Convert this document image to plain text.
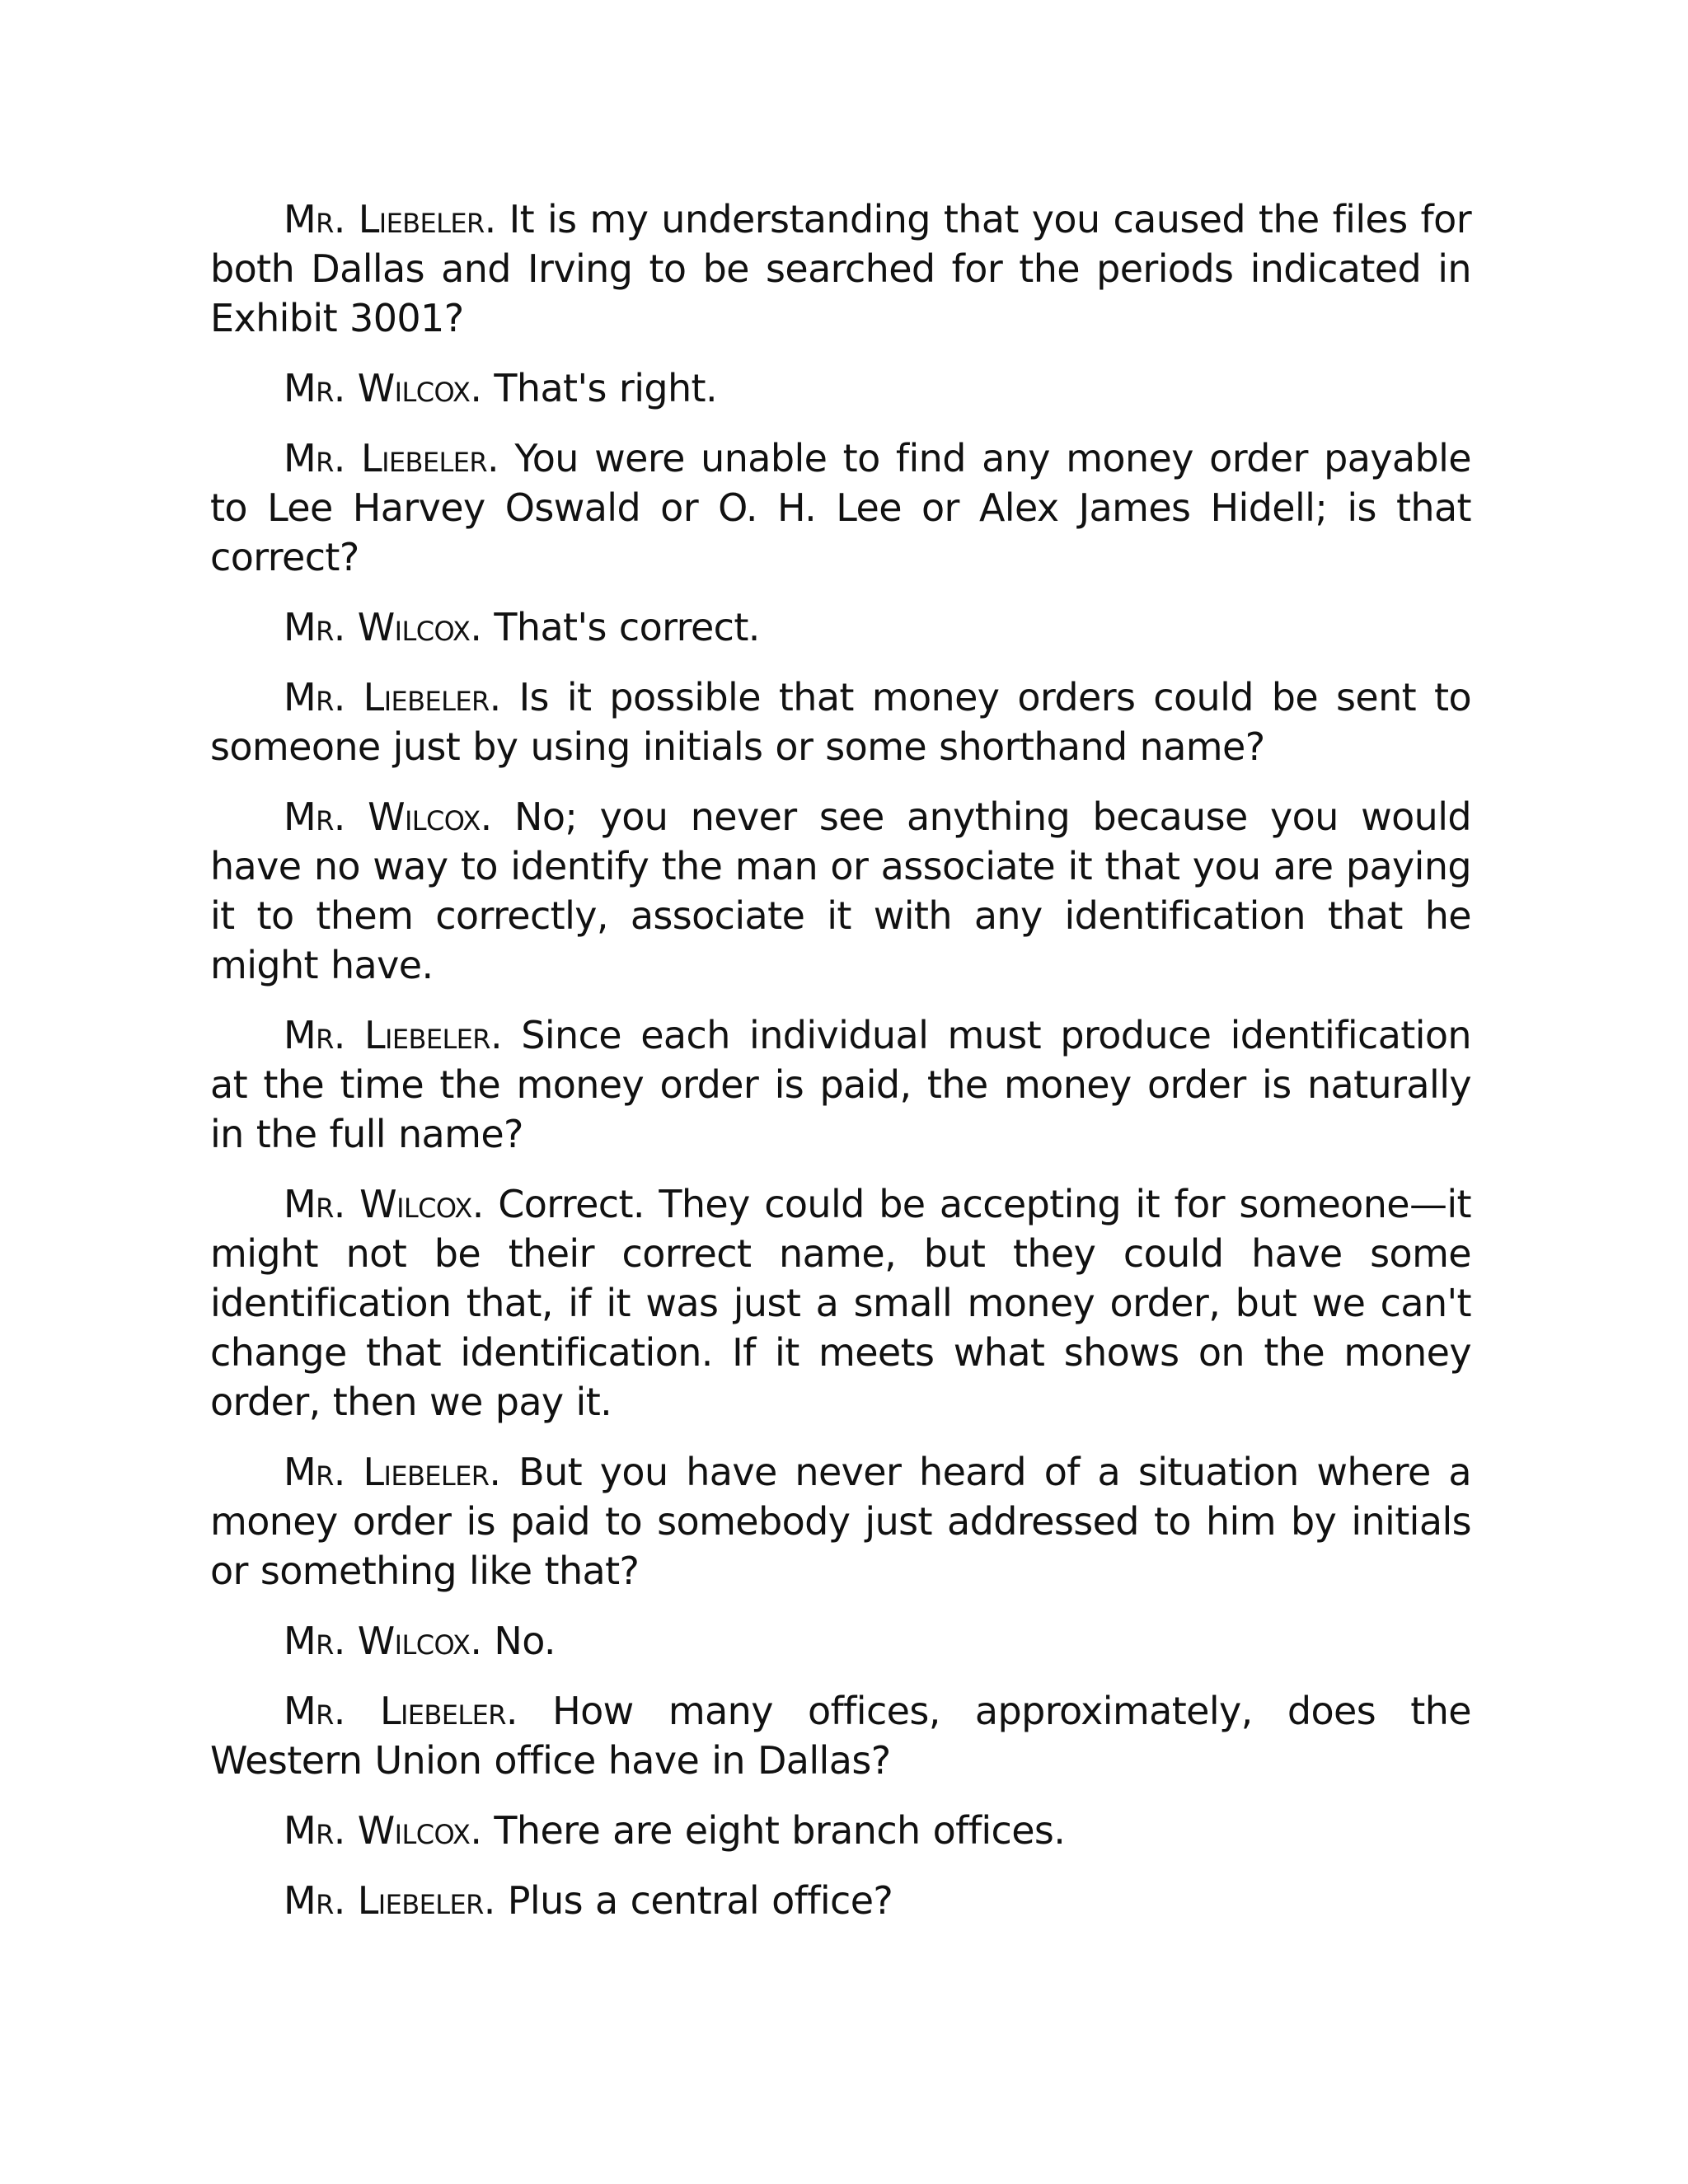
Mr. Liebeler. It is my understanding that you caused the files for both Dallas and Irving to be searched for the periods indicated in Exhibit 3001?

Mr. Wilcox. That's right.

Mr. Liebeler. You were unable to find any money order payable to Lee Harvey Oswald or O. H. Lee or Alex James Hidell; is that correct?

Mr. Wilcox. That's correct.

Mr. Liebeler. Is it possible that money orders could be sent to someone just by using initials or some shorthand name?

Mr. Wilcox. No; you never see anything because you would have no way to identify the man or associate it that you are paying it to them correctly, associate it with any identification that he might have.

Mr. Liebeler. Since each individual must produce identification at the time the money order is paid, the money order is naturally in the full name?

Mr. Wilcox. Correct. They could be accepting it for someone—it might not be their correct name, but they could have some identification that, if it was just a small money order, but we can't change that identification. If it meets what shows on the money order, then we pay it.

Mr. Liebeler. But you have never heard of a situation where a money order is paid to somebody just addressed to him by initials or something like that?

Mr. Wilcox. No.

Mr. Liebeler. How many offices, approximately, does the Western Union office have in Dallas?

Mr. Wilcox. There are eight branch offices.

Mr. Liebeler. Plus a central office?
